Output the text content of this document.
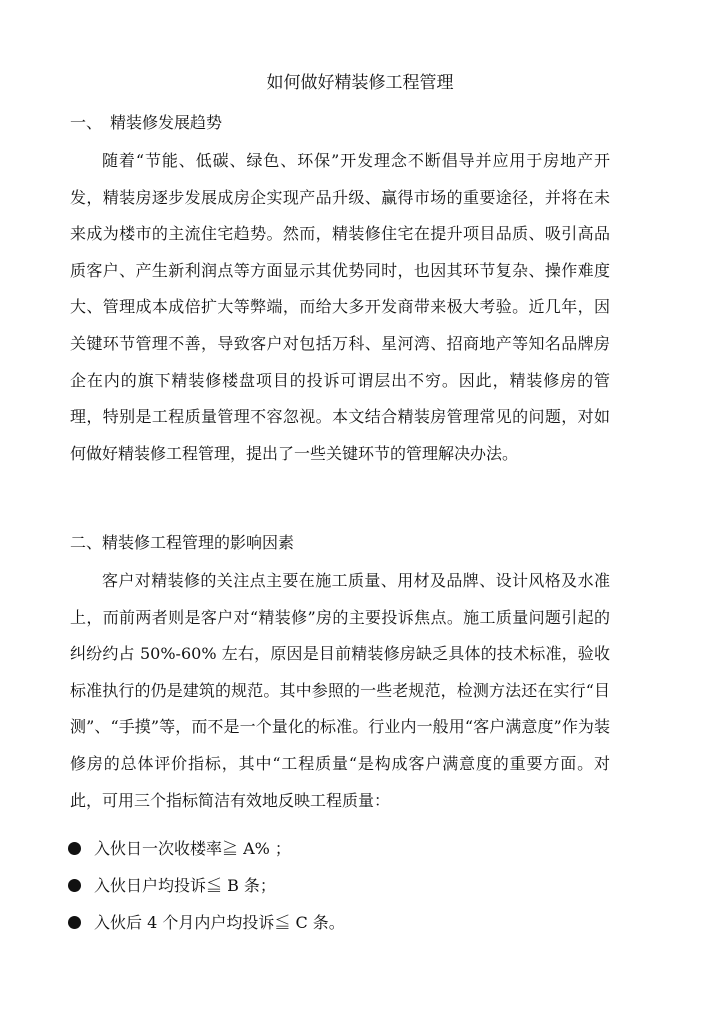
如何做好精装修工程管理
一、 精装修发展趋势

随着“节能、低碳、绿色、环保”开发理念不断倡导并应用于房地产开发，精装房逐步发展成房企实现产品升级、赢得市场的重要途径，并将在未来成为楼市的主流住宅趋势。然而，精装修住宅在提升项目品质、吸引高品质客户、产生新利润点等方面显示其优势同时，也因其环节复杂、操作难度大、管理成本成倍扩大等弊端，而给大多开发商带来极大考验。近几年，因关键环节管理不善，导致客户对包括万科、星河湾、招商地产等知名品牌房企在内的旗下精装修楼盘项目的投诉可谓层出不穷。因此，精装修房的管理，特别是工程质量管理不容忽视。本文结合精装房管理常见的问题，对如何做好精装修工程管理，提出了一些关键环节的管理解决办法。

二、精装修工程管理的影响因素

客户对精装修的关注点主要在施工质量、用材及品牌、设计风格及水准上，而前两者则是客户对“精装修”房的主要投诉焦点。施工质量问题引起的纠纷约占 50%-60% 左右，原因是目前精装修房缺乏具体的技术标准，验收标准执行的仍是建筑的规范。其中参照的一些老规范，检测方法还在实行“目测”、“手摸”等，而不是一个量化的标准。行业内一般用“客户满意度”作为装修房的总体评价指标，其中“工程质量“是构成客户满意度的重要方面。对此，可用三个指标简洁有效地反映工程质量：

入伙日一次收楼率≧ A% ；
入伙日户均投诉≦ B 条；
入伙后 4 个月内户均投诉≦ C 条。
